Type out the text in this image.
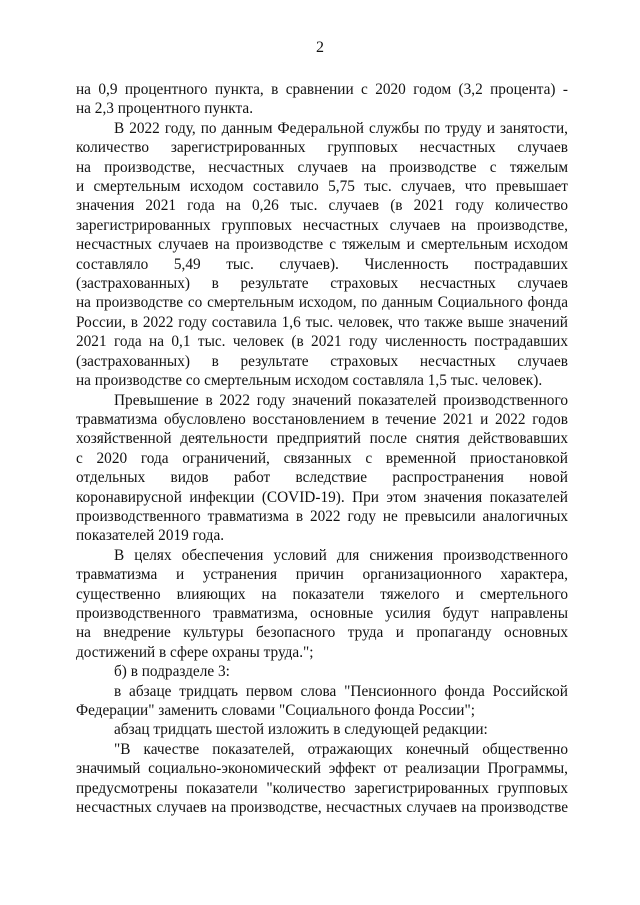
2
на 0,9 процентного пункта, в сравнении с 2020 годом (3,2 процента) -
на 2,3 процентного пункта.
В 2022 году, по данным Федеральной службы по труду и занятости,
количество зарегистрированных групповых несчастных случаев
на производстве, несчастных случаев на производстве с тяжелым
и смертельным исходом составило 5,75 тыс. случаев, что превышает
значения 2021 года на 0,26 тыс. случаев (в 2021 году количество
зарегистрированных групповых несчастных случаев на производстве,
несчастных случаев на производстве с тяжелым и смертельным исходом
составляло 5,49 тыс. случаев). Численность пострадавших
(застрахованных) в результате страховых несчастных случаев
на производстве со смертельным исходом, по данным Социального фонда
России, в 2022 году составила 1,6 тыс. человек, что также выше значений
2021 года на 0,1 тыс. человек (в 2021 году численность пострадавших
(застрахованных) в результате страховых несчастных случаев
на производстве со смертельным исходом составляла 1,5 тыс. человек).
Превышение в 2022 году значений показателей производственного
травматизма обусловлено восстановлением в течение 2021 и 2022 годов
хозяйственной деятельности предприятий после снятия действовавших
с 2020 года ограничений, связанных с временной приостановкой
отдельных видов работ вследствие распространения новой
коронавирусной инфекции (COVID-19). При этом значения показателей
производственного травматизма в 2022 году не превысили аналогичных
показателей 2019 года.
В целях обеспечения условий для снижения производственного
травматизма и устранения причин организационного характера,
существенно влияющих на показатели тяжелого и смертельного
производственного травматизма, основные усилия будут направлены
на внедрение культуры безопасного труда и пропаганду основных
достижений в сфере охраны труда.";
б) в подразделе 3:
в абзаце тридцать первом слова "Пенсионного фонда Российской
Федерации" заменить словами "Социального фонда России";
абзац тридцать шестой изложить в следующей редакции:
"В качестве показателей, отражающих конечный общественно
значимый социально-экономический эффект от реализации Программы,
предусмотрены показатели "количество зарегистрированных групповых
несчастных случаев на производстве, несчастных случаев на производстве
